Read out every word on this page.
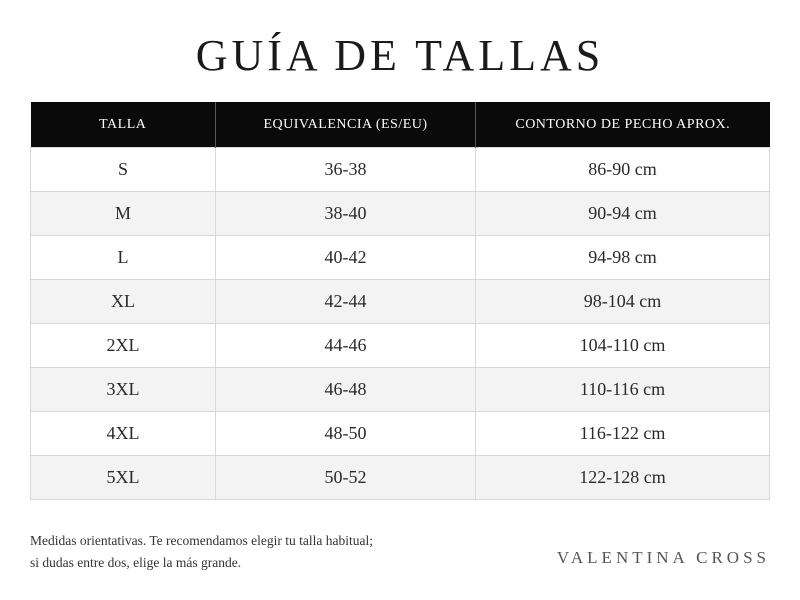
GUÍA DE TALLAS
TALLA	EQUIVALENCIA (ES/EU)	CONTORNO DE PECHO APROX.
S	36-38	86-90 cm
M	38-40	90-94 cm
L	40-42	94-98 cm
XL	42-44	98-104 cm
2XL	44-46	104-110 cm
3XL	46-48	110-116 cm
4XL	48-50	116-122 cm
5XL	50-52	122-128 cm
Medidas orientativas. Te recomendamos elegir tu talla habitual;
si dudas entre dos, elige la más grande.	VALENTINA CROSS
